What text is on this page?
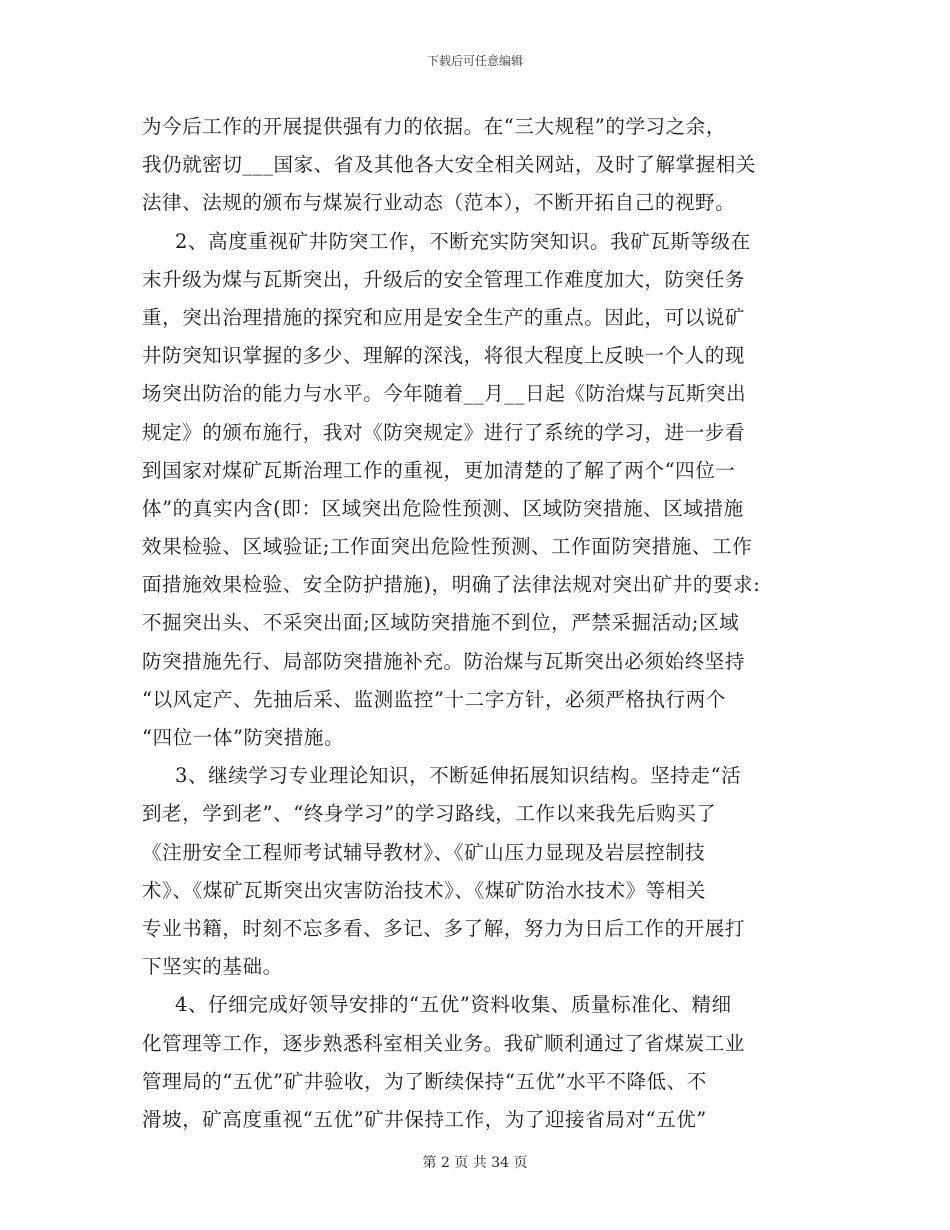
下载后可任意编辑
为今后工作的开展提供强有力的依据。在“三大规程”的学习之余，
我仍就密切___国家、省及其他各大安全相关网站，及时了解掌握相关
法律、法规的颁布与煤炭行业动态（范本），不断开拓自己的视野。
2、高度重视矿井防突工作，不断充实防突知识。我矿瓦斯等级在
末升级为煤与瓦斯突出，升级后的安全管理工作难度加大，防突任务
重，突出治理措施的探究和应用是安全生产的重点。因此，可以说矿
井防突知识掌握的多少、理解的深浅，将很大程度上反映一个人的现
场突出防治的能力与水平。今年随着__月__日起《防治煤与瓦斯突出
规定》的颁布施行，我对《防突规定》进行了系统的学习，进一步看
到国家对煤矿瓦斯治理工作的重视，更加清楚的了解了两个“四位一
体”的真实内含(即：区域突出危险性预测、区域防突措施、区域措施
效果检验、区域验证;工作面突出危险性预测、工作面防突措施、工作
面措施效果检验、安全防护措施)，明确了法律法规对突出矿井的要求:
不掘突出头、不采突出面;区域防突措施不到位，严禁采掘活动;区域
防突措施先行、局部防突措施补充。防治煤与瓦斯突出必须始终坚持
“以风定产、先抽后采、监测监控”十二字方针，必须严格执行两个
“四位一体”防突措施。
3、继续学习专业理论知识，不断延伸拓展知识结构。坚持走“活
到老，学到老”、“终身学习”的学习路线，工作以来我先后购买了
《注册安全工程师考试辅导教材》、《矿山压力显现及岩层控制技
术》、《煤矿瓦斯突出灾害防治技术》、《煤矿防治水技术》等相关
专业书籍，时刻不忘多看、多记、多了解，努力为日后工作的开展打
下坚实的基础。
4、仔细完成好领导安排的“五优”资料收集、质量标准化、精细
化管理等工作，逐步熟悉科室相关业务。我矿顺利通过了省煤炭工业
管理局的“五优”矿井验收，为了断续保持“五优”水平不降低、不
滑坡，矿高度重视“五优”矿井保持工作，为了迎接省局对“五优”
第 2 页 共 34 页
